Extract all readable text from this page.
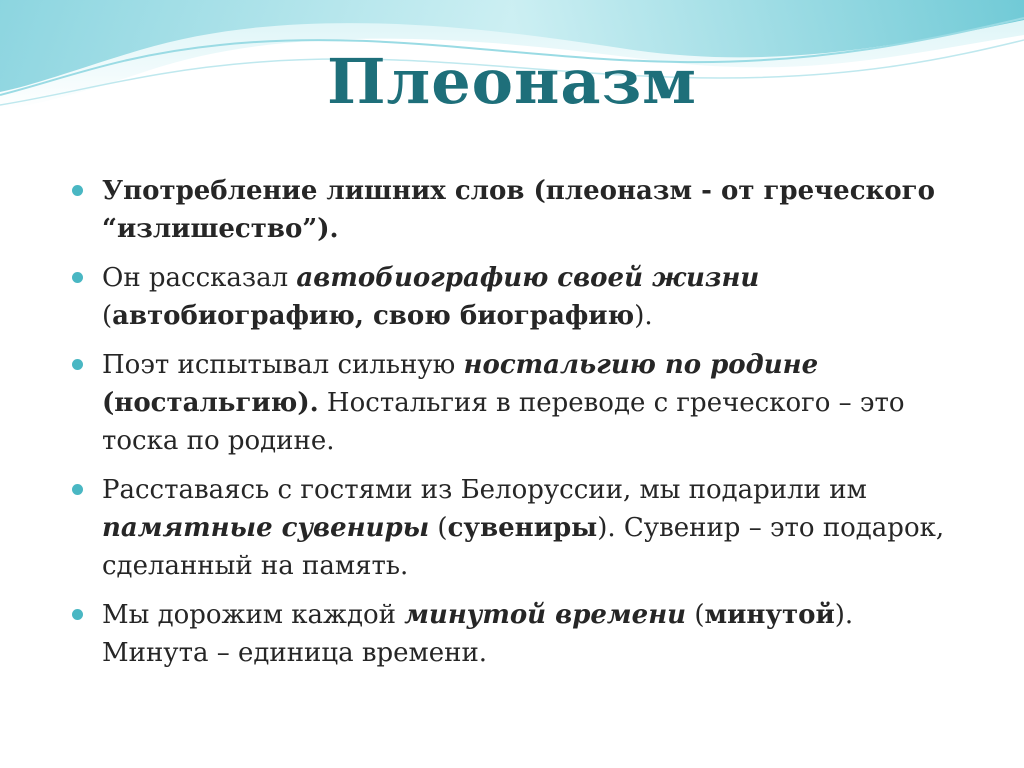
Плеоназм
Употребление лишних слов (плеоназм - от греческого “излишество”).
Он рассказал автобиографию своей жизни (автобиографию, свою биографию).
Поэт испытывал сильную ностальгию по родине (ностальгию). Ностальгия в переводе с греческого – это тоска по родине.
Расставаясь с гостями из Белоруссии, мы подарили им памятные сувениры (сувениры). Сувенир – это подарок, сделанный на память.
Мы дорожим каждой минутой времени (минутой). Минута – единица времени.
